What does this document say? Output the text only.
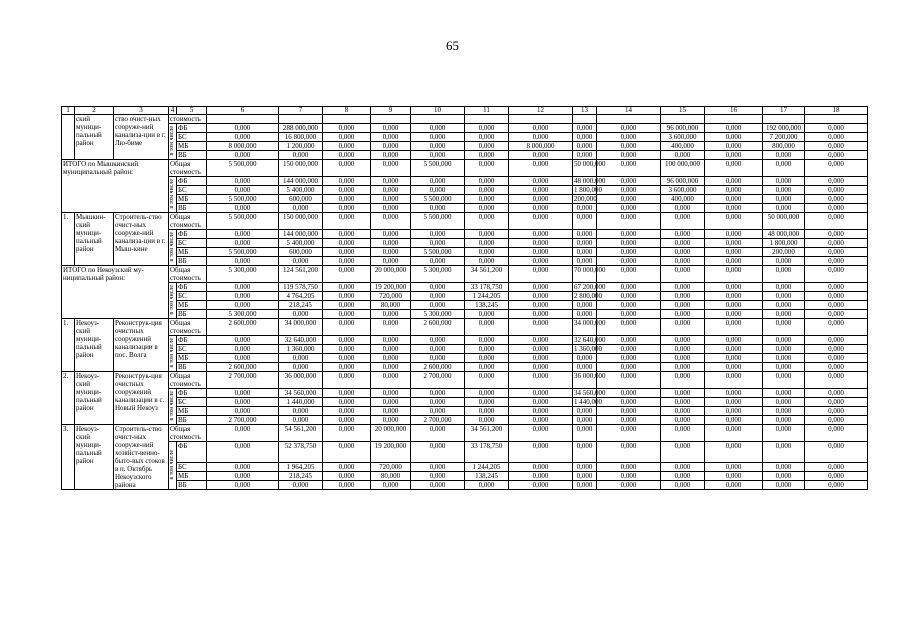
65
1	2	3	4	5	6	7	8	9	10	11	12	13	14	15	16	17	18	
	ский муници-пальный район	ство очист-ных сооруже-ний канализа-ции в г. Лю-биме	стоимость															
			в том числе	ФБ	0,000	288 000,000	0,000	0,000	0,000	0,000	0,000	0,000	0,000	96 000,000	0,000	192 000,000	0,000	
				БС	0,000	16 800,000	0,000	0,000	0,000	0,000	0,000	0,000	0,000	3 600,000	0,000	7 200,000	0,000	
				МБ	8 000,000	1 200,000	0,000	0,000	0,000	0,000	8 000,000	0,000	0,000	400,000	0,000	800,000	0,000	
				ВБ	0,000	0,000	0,000	0,000	0,000	0,000	0,000	0,000	0,000	0,000	0,000	0,000	0,000	
ИТОГО по Мышкинский муниципальный район:			Общая стоимость		5 500,000	150 000,000	0,000	0,000	5 500,000	0,000	0,000	50 000,000	0,000	100 000,000	0,000	0,000	0,000	
			в том числе	ФБ	0,000	144 000,000	0,000	0,000	0,000	0,000	0,000	48 000,000	0,000	96 000,000	0,000	0,000	0,000	
				БС	0,000	5 400,000	0,000	0,000	0,000	0,000	0,000	1 800,000	0,000	3 600,000	0,000	0,000	0,000	
				МБ	5 500,000	600,000	0,000	0,000	5 500,000	0,000	0,000	200,000	0,000	400,000	0,000	0,000	0,000	
				ВБ	0,000	0,000	0,000	0,000	0,000	0,000	0,000	0,000	0,000	0,000	0,000	0,000	0,000	
1.	Мышкин-ский муници-пальный район	Строитель-ство очист-ных сооруже-ний канализа-ции в г. Мыш-кине	Общая стоимость		5 500,000	150 000,000	0,000	0,000	5 500,000	0,000	0,000	0,000	0,000	0,000	0,000	50 000,000	0,000	
			в том числе	ФБ	0,000	144 000,000	0,000	0,000	0,000	0,000	0,000	0,000	0,000	0,000	0,000	48 000,000	0,000	
				БС	0,000	5 400,000	0,000	0,000	0,000	0,000	0,000	0,000	0,000	0,000	0,000	1 800,000	0,000	
				МБ	5 500,000	600,000	0,000	0,000	5 500,000	0,000	0,000	0,000	0,000	0,000	0,000	200,000	0,000	
				ВБ	0,000	0,000	0,000	0,000	0,000	0,000	0,000	0,000	0,000	0,000	0,000	0,000	0,000	
ИТОГО по Некоузский му-ниципальный район:			Общая стоимость		5 300,000	124 561,200	0,000	20 000,000	5 300,000	34 561,200	0,000	70 000,000	0,000	0,000	0,000	0,000	0,000	
			в том числе	ФБ	0,000	119 578,750	0,000	19 200,000	0,000	33 178,750	0,000	67 200,000	0,000	0,000	0,000	0,000	0,000	
				БС	0,000	4 764,205	0,000	720,000	0,000	1 244,205	0,000	2 800,000	0,000	0,000	0,000	0,000	0,000	
				МБ	0,000	218,245	0,000	80,000	0,000	138,245	0,000	0,000	0,000	0,000	0,000	0,000	0,000	
				ВБ	5 300,000	0,000	0,000	0,000	5 300,000	0,000	0,000	0,000	0,000	0,000	0,000	0,000	0,000	
1.	Некоуз-ский муници-пальный район	Реконструк-ция очистных сооружений канализации в пос. Волга	Общая стоимость		2 600,000	34 000,000	0,000	0,000	2 600,000	0,000	0,000	34 000,000	0,000	0,000	0,000	0,000	0,000	
			в том числе	ФБ	0,000	32 640,000	0,000	0,000	0,000	0,000	0,000	32 640,000	0,000	0,000	0,000	0,000	0,000	
				БС	0,000	1 360,000	0,000	0,000	0,000	0,000	0,000	1 360,000	0,000	0,000	0,000	0,000	0,000	
				МБ	0,000	0,000	0,000	0,000	0,000	0,000	0,000	0,000	0,000	0,000	0,000	0,000	0,000	
				ВБ	2 600,000	0,000	0,000	0,000	2 600,000	0,000	0,000	0,000	0,000	0,000	0,000	0,000	0,000	
2.	Некоуз-ский муници-пальный район	Реконструк-ция очистных сооружений канализации в с. Новый Некоуз	Общая стоимость		2 700,000	36 000,000	0,000	0,000	2 700,000	0,000	0,000	36 000,000	0,000	0,000	0,000	0,000	0,000	
			в том числе	ФБ	0,000	34 560,000	0,000	0,000	0,000	0,000	0,000	34 560,000	0,000	0,000	0,000	0,000	0,000	
				БС	0,000	1 440,000	0,000	0,000	0,000	0,000	0,000	1 440,000	0,000	0,000	0,000	0,000	0,000	
				МБ	0,000	0,000	0,000	0,000	0,000	0,000	0,000	0,000	0,000	0,000	0,000	0,000	0,000	
				ВБ	2 700,000	0,000	0,000	0,000	2 700,000	0,000	0,000	0,000	0,000	0,000	0,000	0,000	0,000	
3.	Некоуз-ский муници-пальный район	Строитель-ство очист-ных сооруже-ний хозяйст-венно-быто-вых стоков в п. Октябрь Некоузского района	Общая стоимость		0,000	54 561,200	0,000	20 000,000	0,000	34 561,200	0,000	0,000	0,000	0,000	0,000	0,000	0,000	
			в том числе	ФБ	0,000	52 378,750	0,000	19 200,000	0,000	33 178,750	0,000	0,000	0,000	0,000	0,000	0,000	0,000	
				БС	0,000	1 964,205	0,000	720,000	0,000	1 244,205	0,000	0,000	0,000	0,000	0,000	0,000	0,000	
				МБ	0,000	218,245	0,000	80,000	0,000	138,245	0,000	0,000	0,000	0,000	0,000	0,000	0,000	
				ВБ	0,000	0,000	0,000	0,000	0,000	0,000	0,000	0,000	0,000	0,000	0,000	0,000	0,000	
